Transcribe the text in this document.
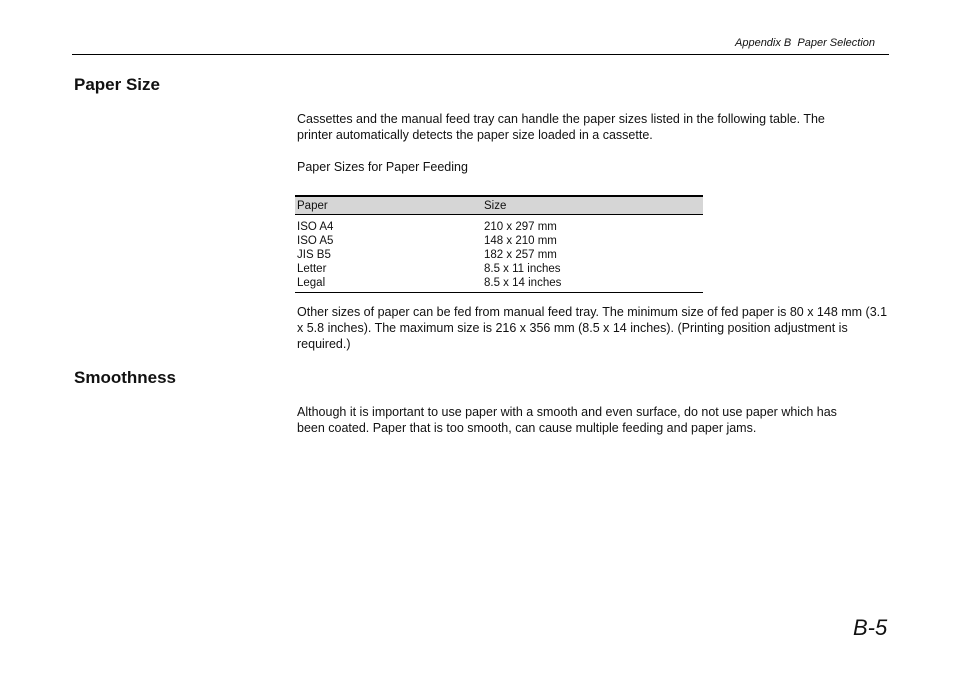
Appendix B  Paper Selection
Paper Size

Cassettes and the manual feed tray can handle the paper sizes listed in the following table. The printer automatically detects the paper size loaded in a cassette.

Paper Sizes for Paper Feeding

Paper	Size
ISO A4	210 x 297 mm
ISO A5	148 x 210 mm
JIS B5	182 x 257 mm
Letter	8.5 x 11 inches
Legal	8.5 x 14 inches

Other sizes of paper can be fed from manual feed tray. The minimum size of fed paper is 80 x 148 mm (3.1 x 5.8 inches). The maximum size is 216 x 356 mm (8.5 x 14 inches). (Printing position adjustment is required.)

Smoothness

Although it is important to use paper with a smooth and even surface, do not use paper which has been coated. Paper that is too smooth, can cause multiple feeding and paper jams.

B-5
